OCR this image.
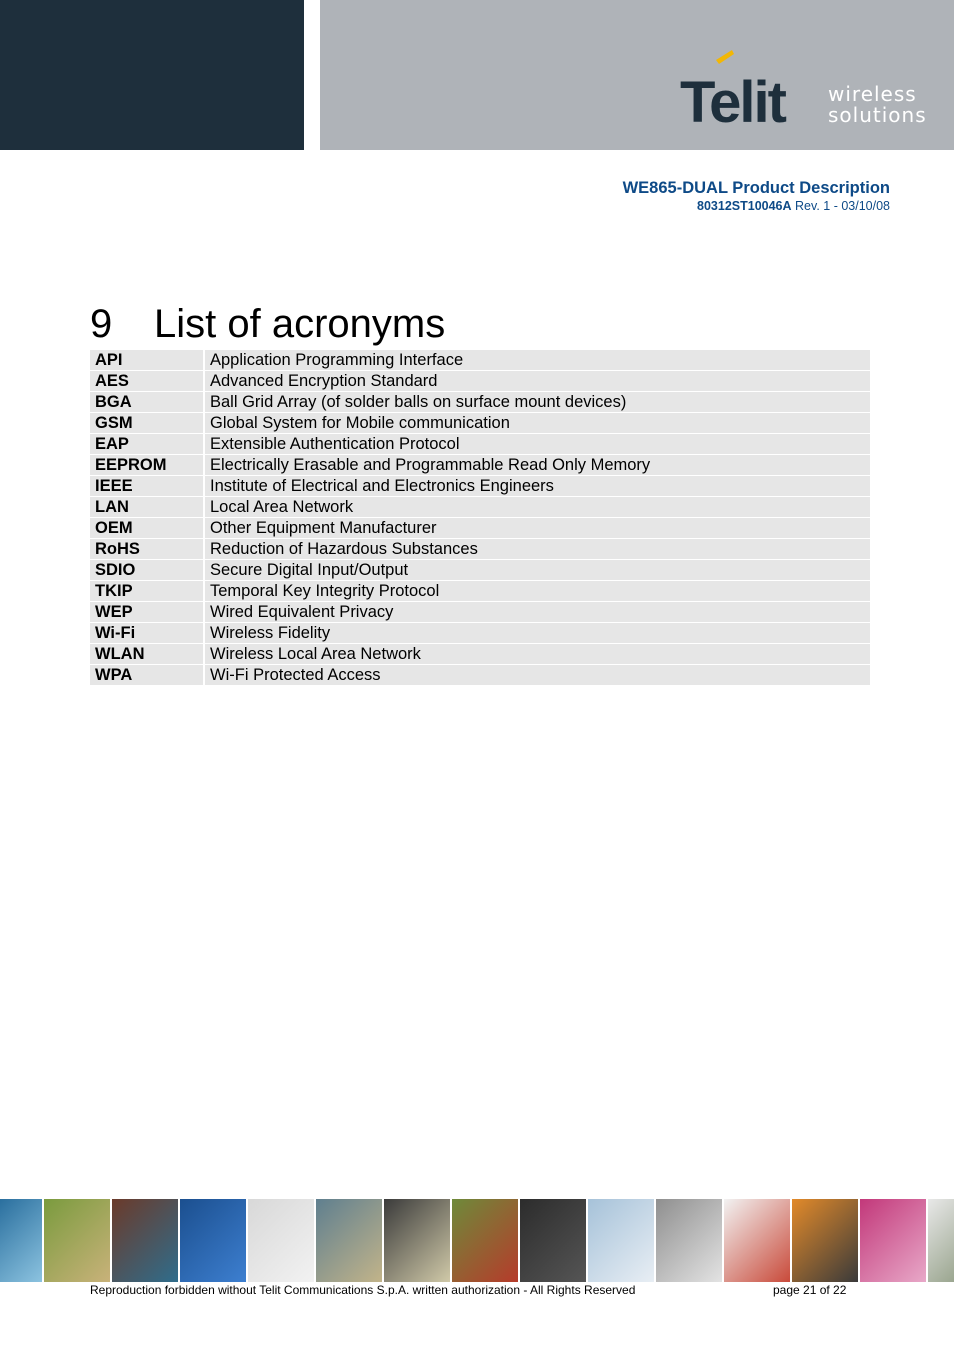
Telit wireless
solutions
WE865-DUAL Product Description
80312ST10046A Rev. 1 - 03/10/08
9 List of acronyms
API	Application Programming Interface
AES	Advanced Encryption Standard
BGA	Ball Grid Array (of solder balls on surface mount devices)
GSM	Global System for Mobile communication
EAP	Extensible Authentication Protocol
EEPROM	Electrically Erasable and Programmable Read Only Memory
IEEE	Institute of Electrical and Electronics Engineers
LAN	Local Area Network
OEM	Other Equipment Manufacturer
RoHS	Reduction of Hazardous Substances
SDIO	Secure Digital Input/Output
TKIP	Temporal Key Integrity Protocol
WEP	Wired Equivalent Privacy
Wi-Fi	Wireless Fidelity
WLAN	Wireless Local Area Network
WPA	Wi-Fi Protected Access
Reproduction forbidden without Telit Communications S.p.A. written authorization - All Rights Reserved	page 21 of 22
